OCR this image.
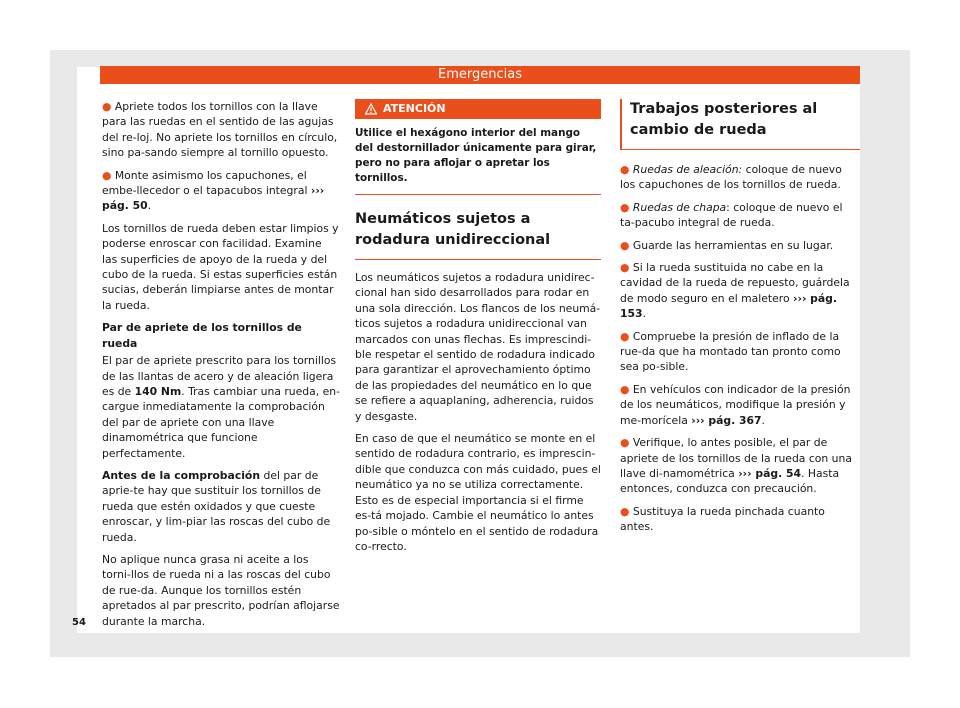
Emergencias

● Apriete todos los tornillos con la llave para las ruedas en el sentido de las agujas del re-loj. No apriete los tornillos en círculo, sino pa-sando siempre al tornillo opuesto.

● Monte asimismo los capuchones, el embe-llecedor o el tapacubos integral ››› pág. 50.

Los tornillos de rueda deben estar limpios y poderse enroscar con facilidad. Examine las superficies de apoyo de la rueda y del cubo de la rueda. Si estas superficies están sucias, deberán limpiarse antes de montar la rueda.

Par de apriete de los tornillos de rueda

El par de apriete prescrito para los tornillos de las llantas de acero y de aleación ligera es de 140 Nm. Tras cambiar una rueda, en-cargue inmediatamente la comprobación del par de apriete con una llave dinamométrica que funcione perfectamente.

Antes de la comprobación del par de aprie-te hay que sustituir los tornillos de rueda que estén oxidados y que cueste enroscar, y lim-piar las roscas del cubo de rueda.

No aplique nunca grasa ni aceite a los torni-llos de rueda ni a las roscas del cubo de rue-da. Aunque los tornillos estén apretados al par prescrito, podrían aflojarse durante la marcha.

ATENCIÓN
Utilice el hexágono interior del mango del destornillador únicamente para girar, pero no para aflojar o apretar los tornillos.
Neumáticos sujetos a rodadura unidireccional

Los neumáticos sujetos a rodadura unidirec-cional han sido desarrollados para rodar en una sola dirección. Los flancos de los neumá-ticos sujetos a rodadura unidireccional van marcados con unas flechas. Es imprescindi-ble respetar el sentido de rodadura indicado para garantizar el aprovechamiento óptimo de las propiedades del neumático en lo que se refiere a aquaplaning, adherencia, ruidos y desgaste.

En caso de que el neumático se monte en el sentido de rodadura contrario, es imprescin-dible que conduzca con más cuidado, pues el neumático ya no se utiliza correctamente. Esto es de especial importancia si el firme es-tá mojado. Cambie el neumático lo antes po-sible o móntelo en el sentido de rodadura co-rrecto.

Trabajos posteriores al cambio de rueda

● Ruedas de aleación: coloque de nuevo los capuchones de los tornillos de rueda.

● Ruedas de chapa: coloque de nuevo el ta-pacubo integral de rueda.

● Guarde las herramientas en su lugar.

● Si la rueda sustituida no cabe en la cavidad de la rueda de repuesto, guárdela de modo seguro en el maletero ››› pág. 153.

● Compruebe la presión de inflado de la rue-da que ha montado tan pronto como sea po-sible.

● En vehículos con indicador de la presión de los neumáticos, modifique la presión y me-morícela ››› pág. 367.

● Verifique, lo antes posible, el par de apriete de los tornillos de la rueda con una llave di-namométrica ››› pág. 54. Hasta entonces, conduzca con precaución.

● Sustituya la rueda pinchada cuanto antes.

54
